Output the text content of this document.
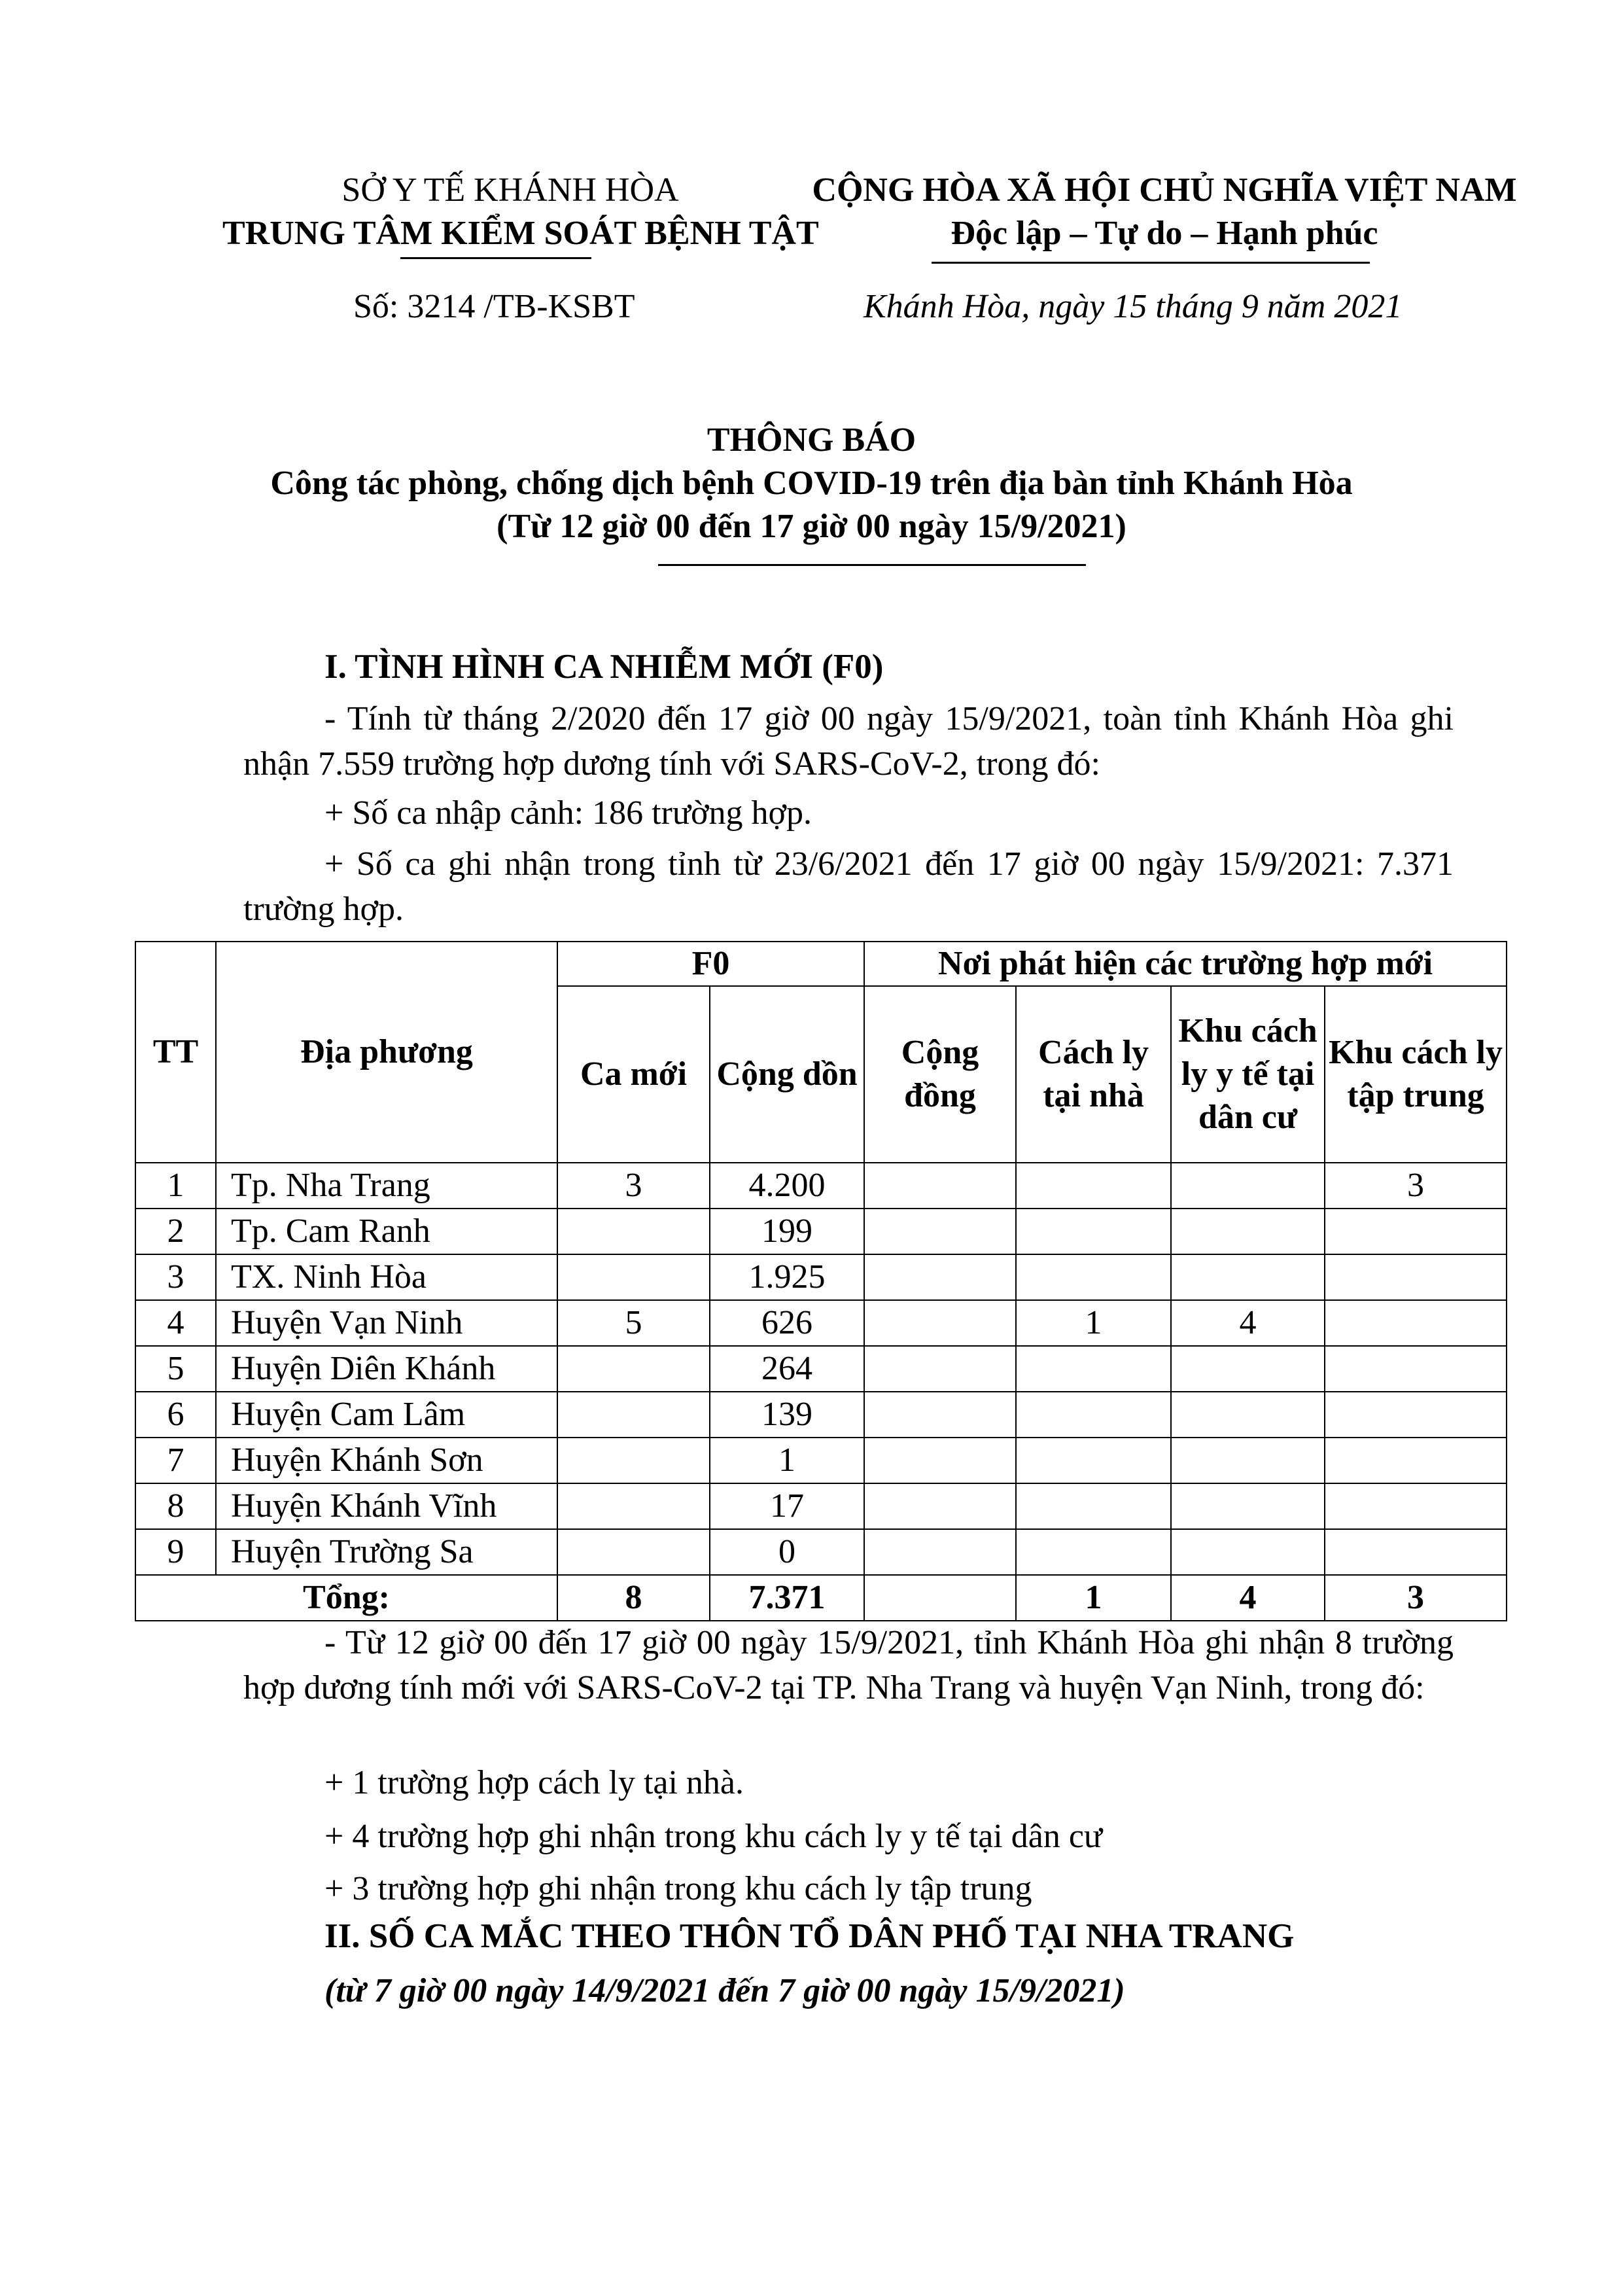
SỞ Y TẾ KHÁNH HÒA
TRUNG TÂM KIỂM SOÁT BỆNH TẬT
CỘNG HÒA XÃ HỘI CHỦ NGHĨA VIỆT NAM
Độc lập – Tự do – Hạnh phúc
Số: 3214 /TB-KSBT	Khánh Hòa, ngày 15 tháng 9 năm 2021
THÔNG BÁO
Công tác phòng, chống dịch bệnh COVID-19 trên địa bàn tỉnh Khánh Hòa
(Từ 12 giờ 00 đến 17 giờ 00 ngày 15/9/2021)
I. TÌNH HÌNH CA NHIỄM MỚI (F0)
- Tính từ tháng 2/2020 đến 17 giờ 00 ngày 15/9/2021, toàn tỉnh Khánh Hòa ghi nhận 7.559 trường hợp dương tính với SARS-CoV-2, trong đó:
+ Số ca nhập cảnh: 186 trường hợp.
+ Số ca ghi nhận trong tỉnh từ 23/6/2021 đến 17 giờ 00 ngày 15/9/2021: 7.371 trường hợp.
TT	Địa phương	F0		Nơi phát hiện các trường hợp mới			
		Ca mới	Cộng dồn	Cộng đồng	Cách ly tại nhà	Khu cách ly y tế tại dân cư	Khu cách ly tập trung
1	Tp. Nha Trang	3	4.200				3
2	Tp. Cam Ranh		199				
3	TX. Ninh Hòa		1.925				
4	Huyện Vạn Ninh	5	626		1	4	
5	Huyện Diên Khánh		264				
6	Huyện Cam Lâm		139				
7	Huyện Khánh Sơn		1				
8	Huyện Khánh Vĩnh		17				
9	Huyện Trường Sa		0				
Tổng:		8	7.371		1	4	3
- Từ 12 giờ 00 đến 17 giờ 00 ngày 15/9/2021, tỉnh Khánh Hòa ghi nhận 8 trường hợp dương tính mới với SARS-CoV-2 tại TP. Nha Trang và huyện Vạn Ninh, trong đó:
+ 1 trường hợp cách ly tại nhà.
+ 4 trường hợp ghi nhận trong khu cách ly y tế tại dân cư
+ 3 trường hợp ghi nhận trong khu cách ly tập trung
II. SỐ CA MẮC THEO THÔN TỔ DÂN PHỐ TẠI NHA TRANG
(từ 7 giờ 00 ngày 14/9/2021 đến 7 giờ 00 ngày 15/9/2021)
